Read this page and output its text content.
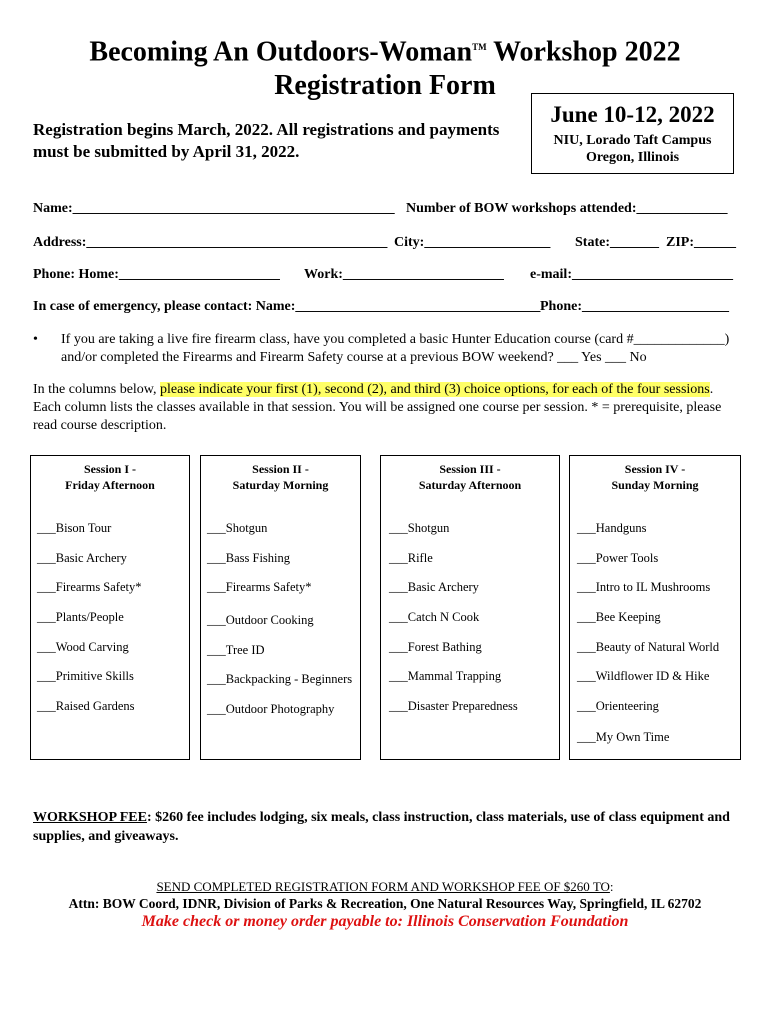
Becoming An Outdoors-Woman™ Workshop 2022
Registration Form
Registration begins March, 2022. All registrations and payments must be submitted by April 31, 2022.
June 10-12, 2022
NIU, Lorado Taft Campus
Oregon, Illinois
Name:______________________________________________ Number of BOW workshops attended:_____________
Address:___________________________________________ City:__________________ State:_______ ZIP:______
Phone: Home:_______________________ Work:_______________________ e-mail:_______________________
In case of emergency, please contact: Name:___________________________________ Phone:_____________________
• If you are taking a live fire firearm class, have you completed a basic Hunter Education course (card #_____________) and/or completed the Firearms and Firearm Safety course at a previous BOW weekend? ___ Yes ___ No
In the columns below, please indicate your first (1), second (2), and third (3) choice options, for each of the four sessions. Each column lists the classes available in that session. You will be assigned one course per session. * = prerequisite, please read course description.
Session I -
Friday Afternoon
Session II -
Saturday Morning
Session III -
Saturday Afternoon
Session IV -
Sunday Morning
___Bison Tour
___Basic Archery
___Firearms Safety*
___Plants/People
___Wood Carving
___Primitive Skills
___Raised Gardens
___Shotgun
___Bass Fishing
___Firearms Safety*
___Outdoor Cooking
___Tree ID
___Backpacking - Beginners
___Outdoor Photography
___Shotgun
___Rifle
___Basic Archery
___Catch N Cook
___Forest Bathing
___Mammal Trapping
___Disaster Preparedness
___Handguns
___Power Tools
___Intro to IL Mushrooms
___Bee Keeping
___Beauty of Natural World
___Wildflower ID & Hike
___Orienteering
___My Own Time
WORKSHOP FEE: $260 fee includes lodging, six meals, class instruction, class materials, use of class equipment and supplies, and giveaways.
SEND COMPLETED REGISTRATION FORM AND WORKSHOP FEE OF $260 TO:
Attn: BOW Coord, IDNR, Division of Parks & Recreation, One Natural Resources Way, Springfield, IL 62702
Make check or money order payable to: Illinois Conservation Foundation
